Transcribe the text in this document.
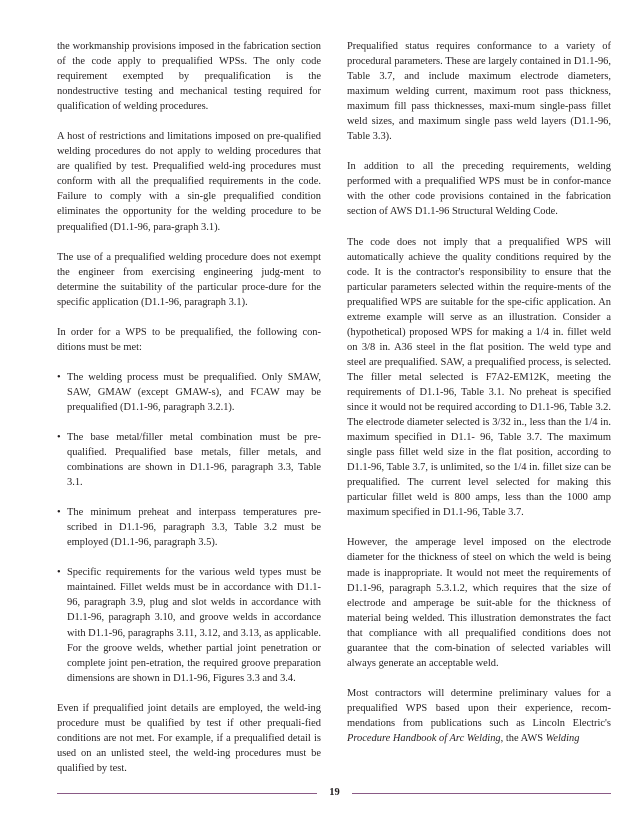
the workmanship provisions imposed in the fabrication section of the code apply to prequalified WPSs. The only code requirement exempted by prequalification is the nondestructive testing and mechanical testing required for qualification of welding procedures.

A host of restrictions and limitations imposed on pre-qualified welding procedures do not apply to welding procedures that are qualified by test. Prequalified weld-ing procedures must conform with all the prequalified requirements in the code. Failure to comply with a sin-gle prequalified condition eliminates the opportunity for the welding procedure to be prequalified (D1.1-96, para-graph 3.1).

The use of a prequalified welding procedure does not exempt the engineer from exercising engineering judg-ment to determine the suitability of the particular proce-dure for the specific application (D1.1-96, paragraph 3.1).

In order for a WPS to be prequalified, the following con-ditions must be met:

• The welding process must be prequalified. Only SMAW, SAW, GMAW (except GMAW-s), and FCAW may be prequalified (D1.1-96, paragraph 3.2.1).
• The base metal/filler metal combination must be pre-qualified. Prequalified base metals, filler metals, and combinations are shown in D1.1-96, paragraph 3.3, Table 3.1.
• The minimum preheat and interpass temperatures pre-scribed in D1.1-96, paragraph 3.3, Table 3.2 must be employed (D1.1-96, paragraph 3.5).
• Specific requirements for the various weld types must be maintained. Fillet welds must be in accordance with D1.1-96, paragraph 3.9, plug and slot welds in accordance with D1.1-96, paragraph 3.10, and groove welds in accordance with D1.1-96, paragraphs 3.11, 3.12, and 3.13, as applicable. For the groove welds, whether partial joint penetration or complete joint pen-etration, the required groove preparation dimensions are shown in D1.1-96, Figures 3.3 and 3.4.

Even if prequalified joint details are employed, the weld-ing procedure must be qualified by test if other prequali-fied conditions are not met. For example, if a prequalified detail is used on an unlisted steel, the weld-ing procedures must be qualified by test.

Prequalified status requires conformance to a variety of procedural parameters. These are largely contained in D1.1-96, Table 3.7, and include maximum electrode diameters, maximum welding current, maximum root pass thickness, maximum fill pass thicknesses, maxi-mum single-pass fillet weld sizes, and maximum single pass weld layers (D1.1-96, Table 3.3).

In addition to all the preceding requirements, welding performed with a prequalified WPS must be in confor-mance with the other code provisions contained in the fabrication section of AWS D1.1-96 Structural Welding Code.

The code does not imply that a prequalified WPS will automatically achieve the quality conditions required by the code. It is the contractor's responsibility to ensure that the particular parameters selected within the require-ments of the prequalified WPS are suitable for the spe-cific application. An extreme example will serve as an illustration. Consider a (hypothetical) proposed WPS for making a 1/4 in. fillet weld on 3/8 in. A36 steel in the flat position. The weld type and steel are prequalified. SAW, a prequalified process, is selected. The filler metal selected is F7A2-EM12K, meeting the requirements of D1.1-96, Table 3.1. No preheat is specified since it would not be required according to D1.1-96, Table 3.2. The electrode diameter selected is 3/32 in., less than the 1/4 in. maximum specified in D1.1- 96, Table 3.7. The maximum single pass fillet weld size in the flat position, according to D1.1-96, Table 3.7, is unlimited, so the 1/4 in. fillet size can be prequalified. The current level selected for making this particular fillet weld is 800 amps, less than the 1000 amp maximum specified in D1.1-96, Table 3.7.

However, the amperage level imposed on the electrode diameter for the thickness of steel on which the weld is being made is inappropriate. It would not meet the requirements of D1.1-96, paragraph 5.3.1.2, which requires that the size of electrode and amperage be suit-able for the thickness of material being welded. This illustration demonstrates the fact that compliance with all prequalified conditions does not guarantee that the com-bination of selected variables will always generate an acceptable weld.

Most contractors will determine preliminary values for a prequalified WPS based upon their experience, recom-mendations from publications such as Lincoln Electric's Procedure Handbook of Arc Welding, the AWS Welding

19
